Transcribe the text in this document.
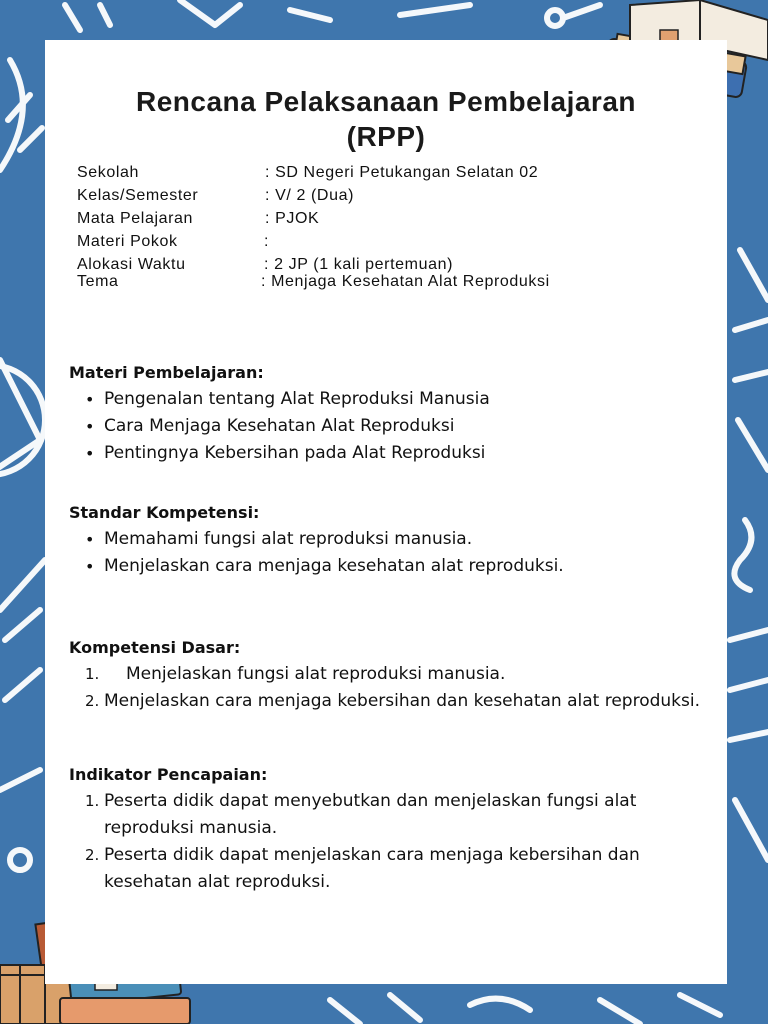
Rencana Pelaksanaan Pembelajaran
(RPP)
Sekolah	: SD Negeri Petukangan Selatan 02
Kelas/Semester	: V/ 2 (Dua)
Mata Pelajaran	: PJOK
Materi Pokok	:
Alokasi Waktu	: 2 JP (1 kali pertemuan)
Tema	: Menjaga Kesehatan Alat Reproduksi
Materi Pembelajaran:
• Pengenalan tentang Alat Reproduksi Manusia
• Cara Menjaga Kesehatan Alat Reproduksi
• Pentingnya Kebersihan pada Alat Reproduksi
Standar Kompetensi:
• Memahami fungsi alat reproduksi manusia.
• Menjelaskan cara menjaga kesehatan alat reproduksi.
Kompetensi Dasar:
1. Menjelaskan fungsi alat reproduksi manusia.
2. Menjelaskan cara menjaga kebersihan dan kesehatan alat reproduksi.
Indikator Pencapaian:
1. Peserta didik dapat menyebutkan dan menjelaskan fungsi alat reproduksi manusia.
2. Peserta didik dapat menjelaskan cara menjaga kebersihan dan kesehatan alat reproduksi.
